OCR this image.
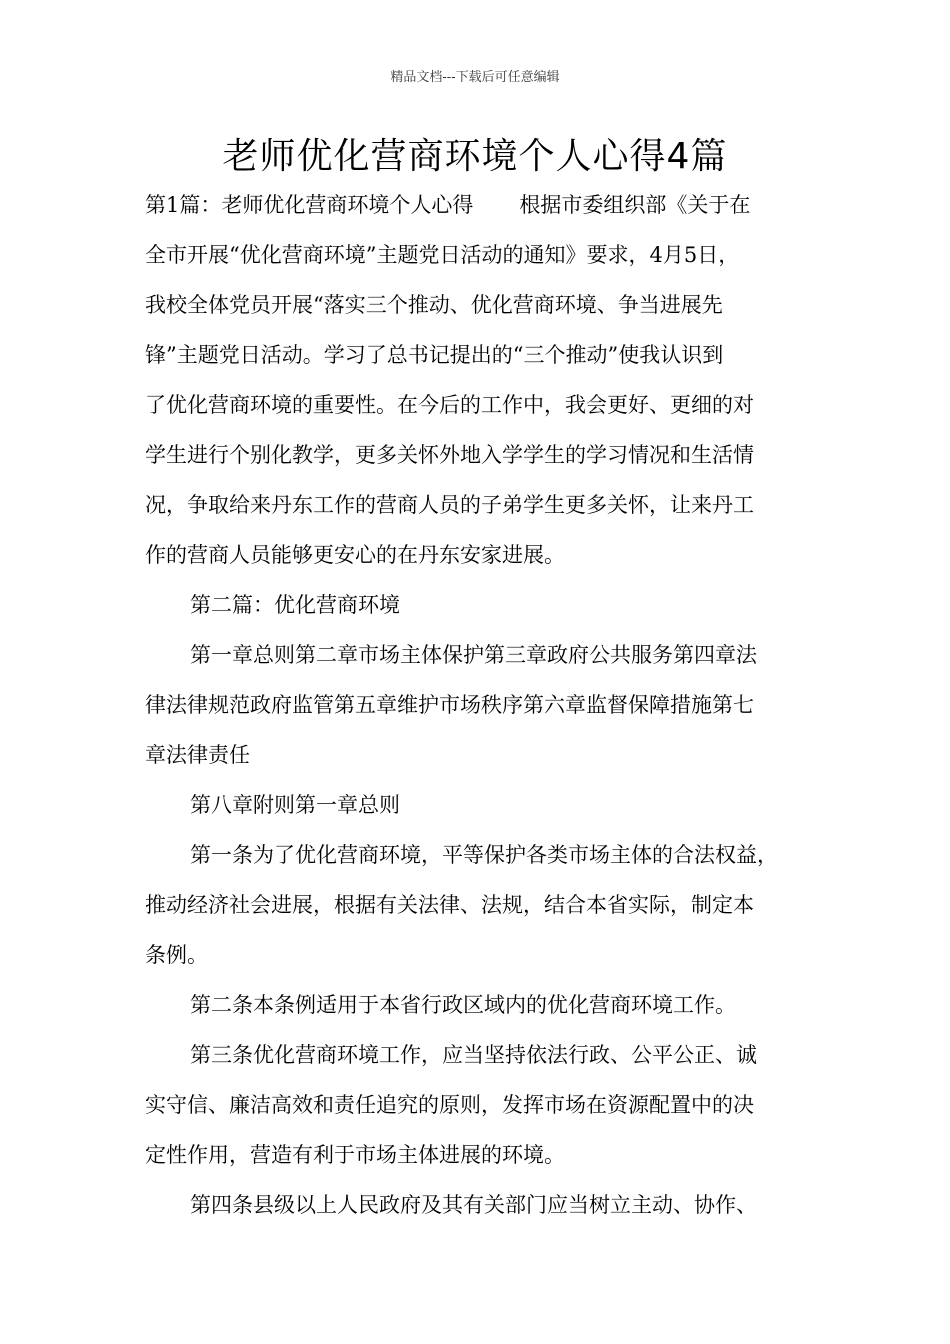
精品文档---下载后可任意编辑
老师优化营商环境个人心得4篇

第1篇：老师优化营商环境个人心得 根据市委组织部《关于在
全市开展“优化营商环境”主题党日活动的通知》要求，4月5日，
我校全体党员开展“落实三个推动、优化营商环境、争当进展先
锋”主题党日活动。学习了总书记提出的“三个推动”使我认识到
了优化营商环境的重要性。在今后的工作中，我会更好、更细的对
学生进行个别化教学，更多关怀外地入学学生的学习情况和生活情
况，争取给来丹东工作的营商人员的子弟学生更多关怀，让来丹工
作的营商人员能够更安心的在丹东安家进展。

第二篇：优化营商环境

第一章总则第二章市场主体保护第三章政府公共服务第四章法
律法律规范政府监管第五章维护市场秩序第六章监督保障措施第七
章法律责任

第八章附则第一章总则

第一条为了优化营商环境，平等保护各类市场主体的合法权益，
推动经济社会进展，根据有关法律、法规，结合本省实际，制定本
条例。

第二条本条例适用于本省行政区域内的优化营商环境工作。

第三条优化营商环境工作，应当坚持依法行政、公平公正、诚
实守信、廉洁高效和责任追究的原则，发挥市场在资源配置中的决
定性作用，营造有利于市场主体进展的环境。

第四条县级以上人民政府及其有关部门应当树立主动、协作、
